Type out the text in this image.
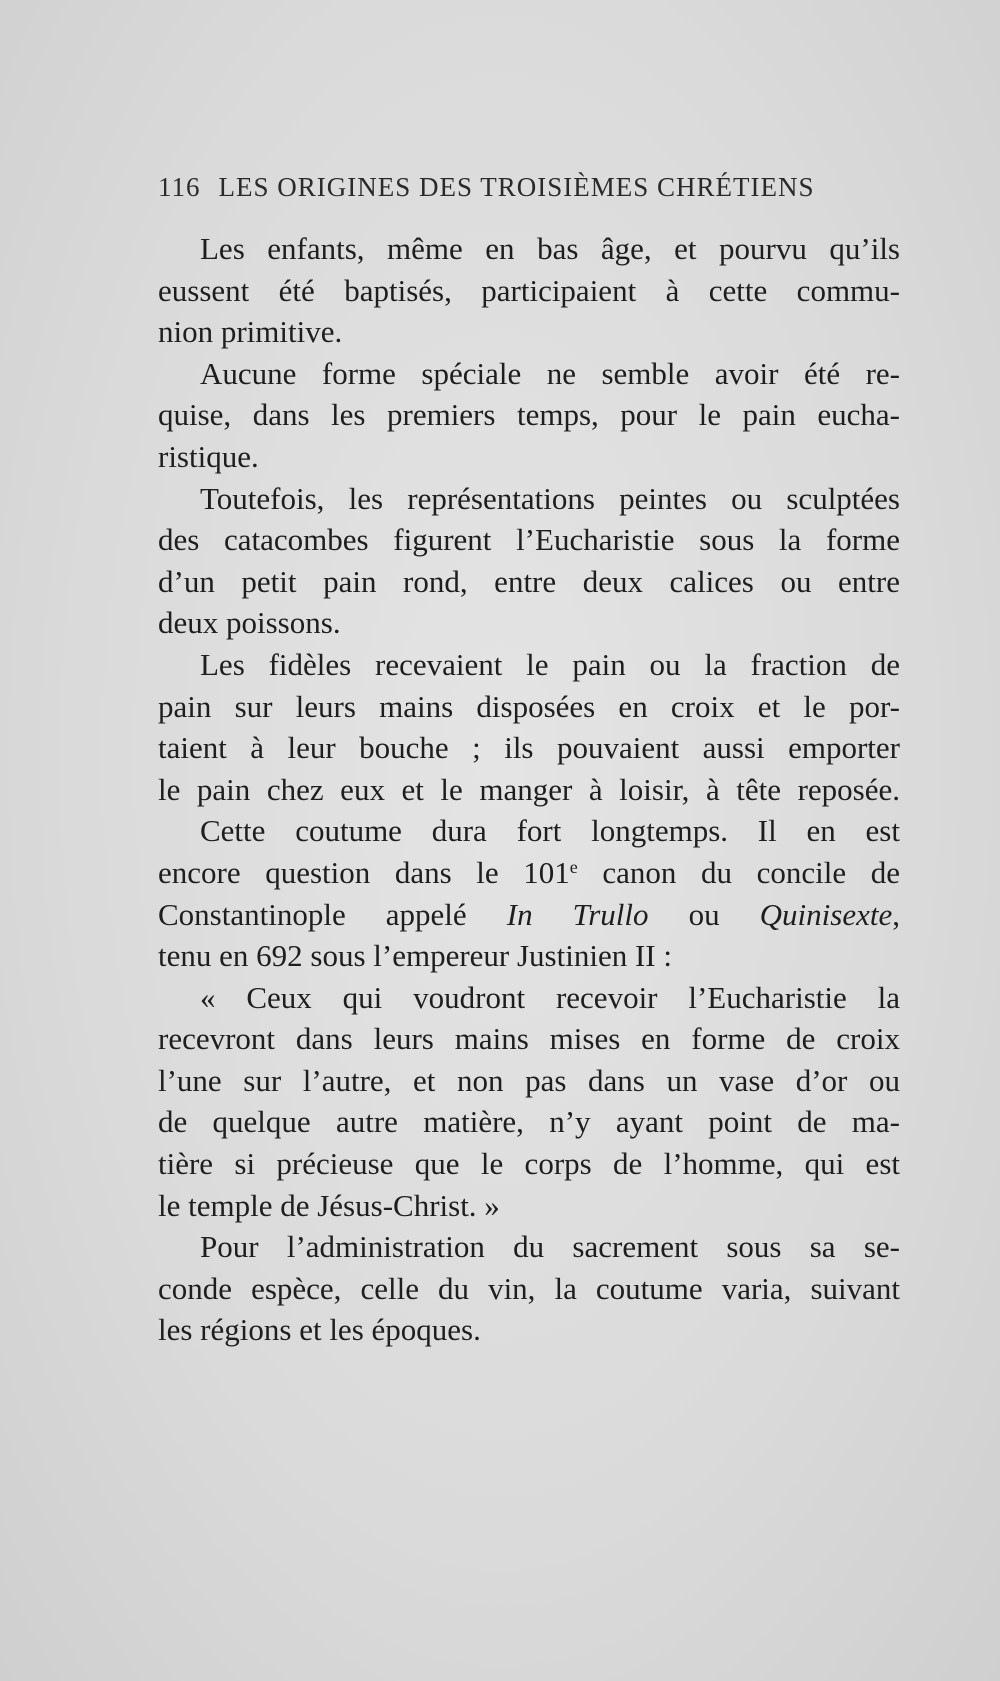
116 LES ORIGINES DES TROISIÈMES CHRÉTIENS
Les enfants, même en bas âge, et pourvu qu’ils
eussent été baptisés, participaient à cette commu-
nion primitive.
Aucune forme spéciale ne semble avoir été re-
quise, dans les premiers temps, pour le pain eucha-
ristique.
Toutefois, les représentations peintes ou sculptées
des catacombes figurent l’Eucharistie sous la forme
d’un petit pain rond, entre deux calices ou entre
deux poissons.
Les fidèles recevaient le pain ou la fraction de
pain sur leurs mains disposées en croix et le por-
taient à leur bouche ; ils pouvaient aussi emporter
le pain chez eux et le manger à loisir, à tête reposée.
Cette coutume dura fort longtemps. Il en est
encore question dans le 101e canon du concile de
Constantinople appelé In Trullo ou Quinisexte,
tenu en 692 sous l’empereur Justinien II :
« Ceux qui voudront recevoir l’Eucharistie la
recevront dans leurs mains mises en forme de croix
l’une sur l’autre, et non pas dans un vase d’or ou
de quelque autre matière, n’y ayant point de ma-
tière si précieuse que le corps de l’homme, qui est
le temple de Jésus-Christ. »
Pour l’administration du sacrement sous sa se-
conde espèce, celle du vin, la coutume varia, suivant
les régions et les époques.
